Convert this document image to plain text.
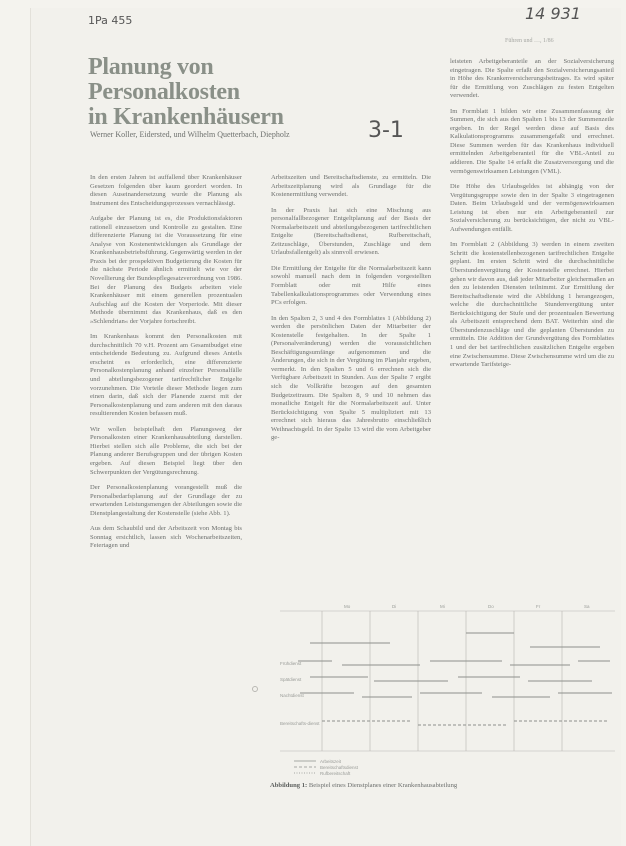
1Pa 455	14 931
Führen und …, 1/86
Planung von Personalkosten
in Krankenhäusern
Werner Koller, Eidersted, und Wilhelm Quetterbach, Diepholz	3-1

In den ersten Jahren ist auffallend über Krankenhäuser Gesetzen folgenden über kaum geordert worden. In diesen Auseinandersetzung wurde die Planung als Instrument des Entscheidungsprozesses vernachlässigt.

Aufgabe der Planung ist es, die Produktionsfaktoren rationell einzusetzen und Kontrolle zu gestalten. Eine differenzierte Planung ist die Voraussetzung für eine Analyse von Kostenentwicklungen als Grundlage der Krankenhausbetriebsführung. Gegenwärtig werden in der Praxis bei der prospektiven Budgetierung die Kosten für die nächste Periode ähnlich ermittelt wie vor der Novellierung der Bundespflegesatzverordnung von 1986. Bei der Planung des Budgets arbeiten viele Krankenhäuser mit einem generellen prozentualen Aufschlag auf die Kosten der Vorperiode. Mit dieser Methode übernimmt das Krankenhaus, daß es den »Schlendrian« der Vorjahre fortschreibt.

Im Krankenhaus kommt den Personalkosten mit durchschnittlich 70 v.H. Prozent am Gesamtbudget eine entscheidende Bedeutung zu. Aufgrund dieses Anteils erscheint es erforderlich, eine differenzierte Personalkostenplanung anhand einzelner Personalfälle und abteilungsbezogener tarifrechtlicher Entgelte vorzunehmen. Die Vorteile dieser Methode liegen zum einen darin, daß sich der Planende zuerst mit der Personalkostenplanung und zum anderen mit den daraus resultierenden Kosten befassen muß.

Wir wollen beispielhaft den Planungsweg der Personalkosten einer Krankenhausabteilung darstellen. Hierbei stellen sich alle Probleme, die sich bei der Planung anderer Berufsgruppen und der übrigen Kosten ergeben. Auf diesen Beispiel liegt über den Schwerpunkten der Vergütungsrechnung.

Der Personalkostenplanung vorangestellt muß die Personalbedarfsplanung auf der Grundlage der zu erwartenden Leistungsmengen der Abteilungen sowie die Dienstplangestaltung der Kostenstelle (siehe Abb. 1).

Aus dem Schaubild und der Arbeitszeit von Montag bis Sonntag ersichtlich, lassen sich Wochenarbeitszeiten, Feiertagen und

Arbeitszeiten und Bereitschaftsdienste, zu ermitteln. Die Arbeitszeitplanung wird als Grundlage für die Kostenermittlung verwendet.

In der Praxis hat sich eine Mischung aus personalfallbezogener Entgeltplanung auf der Basis der Normalarbeitszeit und abteilungsbezogenen tarifrechtlichen Entgelte (Bereitschaftsdienst, Rufbereitschaft, Zeitzuschläge, Überstunden, Zuschläge und dem Urlaubsfallentgelt) als sinnvoll erwiesen.

Die Ermittlung der Entgelte für die Normalarbeitszeit kann sowohl manuell nach dem in folgenden vorgestellten Formblatt oder mit Hilfe eines Tabellenkalkulationsprogrammes oder Verwendung eines PCs erfolgen.

In den Spalten 2, 3 und 4 des Formblattes 1 (Abbildung 2) werden die persönlichen Daten der Mitarbeiter der Kostenstelle festgehalten. In der Spalte 1 (Personalveränderung) werden die voraussichtlichen Beschäftigungsumfänge aufgenommen und die Änderungen, die sich in der Vergütung im Planjahr ergeben, vermerkt. In den Spalten 5 und 6 errechnen sich die Verfügbare Arbeitszeit in Stunden. Aus der Spalte 7 ergibt sich die Vollkräfte bezogen auf den gesamten Budgetzeitraum. Die Spalten 8, 9 und 10 nehmen das monatliche Entgelt für die Normalarbeitszeit auf. Unter Berücksichtigung von Spalte 5 multipliziert mit 13 errechnet sich hieraus das Jahresbrutto einschließlich Weihnachtsgeld. In der Spalte 13 wird die vom Arbeitgeber ge-

leisteten Arbeitgeberanteile an der Sozialversicherung eingetragen. Die Spalte erfaßt den Sozialversicherungsanteil in Höhe des Krankenversicherungsbeitrages. Es wird später für die Ermittlung von Zuschlägen zu festen Entgelten verwendet.

Im Formblatt 1 bilden wir eine Zusammenfassung der Summen, die sich aus den Spalten 1 bis 13 der Summenzeile ergeben. In der Regel werden diese auf Basis des Kalkulationsprogramms zusammengefaßt und errechnet. Diese Summen werden für das Krankenhaus individuell ermittelnden Arbeitgeberanteil für die VBL-Anteil zu addieren. Die Spalte 14 erfaßt die Zusatzversorgung und die vermögenswirksamen Leistungen (VML).

Die Höhe des Urlaubsgeldes ist abhängig von der Vergütungsgruppe sowie den in der Spalte 3 eingetragenen Daten. Beim Urlaubsgeld und der vermögenswirksamen Leistung ist eben nur ein Arbeitgeberanteil zur Sozialversicherung zu berücksichtigen, der nicht zu VBL-Aufwendungen entfällt.

Im Formblatt 2 (Abbildung 3) werden in einem zweiten Schritt die kostenstellenbezogenen tarifrechtlichen Entgelte geplant. Im ersten Schritt wird die durchschnittliche Überstundenvergütung der Kostenstelle errechnet. Hierbei gehen wir davon aus, daß jeder Mitarbeiter gleichermaßen an den zu leistenden Diensten teilnimmt. Zur Ermittlung der Bereitschaftsdienste wird die Abbildung 1 herangezogen, welche die durchschnittliche Stundenvergütung unter Berücksichtigung der Stufe und der prozentualen Bewertung als Arbeitszeit entsprechend dem BAT. Weiterhin sind die Überstundenzuschläge und die geplanten Überstunden zu ermitteln. Die Addition der Grundvergütung des Formblattes 1 und der bei tarifrechtlichen zusätzlichen Entgelte ergeben eine Zwischensumme. Diese Zwischensumme wird um die zu erwartende Tarifsteige-

Mo	Di	Mi	Do	Fr	Sa
Frühdienst
Spätdienst
Nachtdienst
Bereitschafts-dienst
Arbeitszeit
Bereitschaftsdienst
Rufbereitschaft
Abbildung 1: Beispiel eines Dienstplanes einer Krankenhausabteilung
